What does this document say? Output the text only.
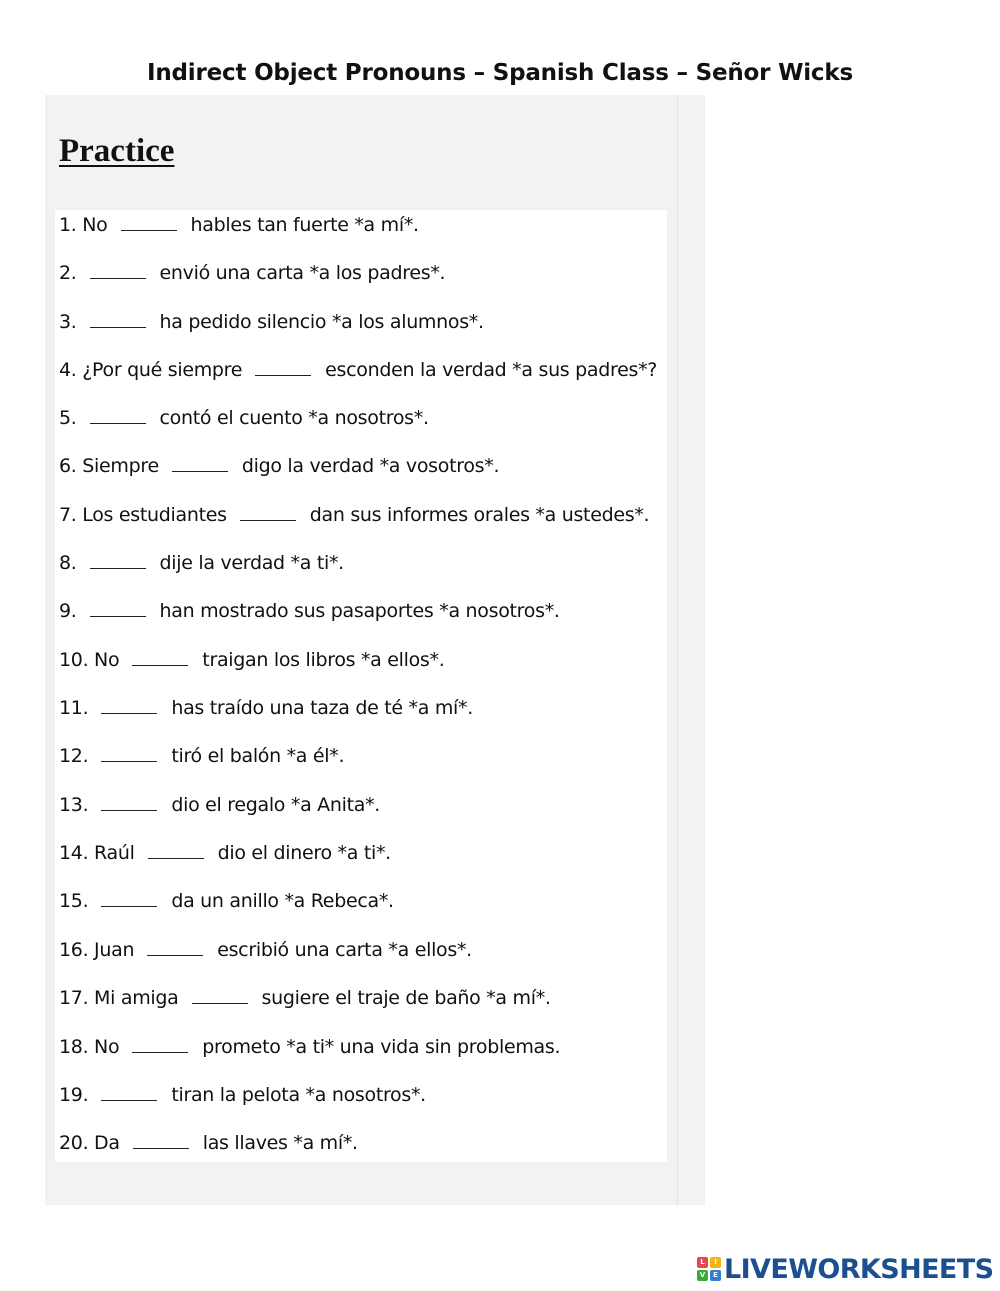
Indirect Object Pronouns – Spanish Class – Señor Wicks
Practice
1. No	hables tan fuerte *a mí*.
2.	envió una carta *a los padres*.
3.	ha pedido silencio *a los alumnos*.
4. ¿Por qué siempre	esconden la verdad *a sus padres*?
5.	contó el cuento *a nosotros*.
6. Siempre	digo la verdad *a vosotros*.
7. Los estudiantes	dan sus informes orales *a ustedes*.
8.	dije la verdad *a ti*.
9.	han mostrado sus pasaportes *a nosotros*.
10. No	traigan los libros *a ellos*.
11.	has traído una taza de té *a mí*.
12.	tiró el balón *a él*.
13.	dio el regalo *a Anita*.
14. Raúl	dio el dinero *a ti*.
15.	da un anillo *a Rebeca*.
16. Juan	escribió una carta *a ellos*.
17. Mi amiga	sugiere el traje de baño *a mí*.
18. No	prometo *a ti* una vida sin problemas.
19.	tiran la pelota *a nosotros*.
20. Da	las llaves *a mí*.
L	I
V	E LIVEWORKSHEETS
